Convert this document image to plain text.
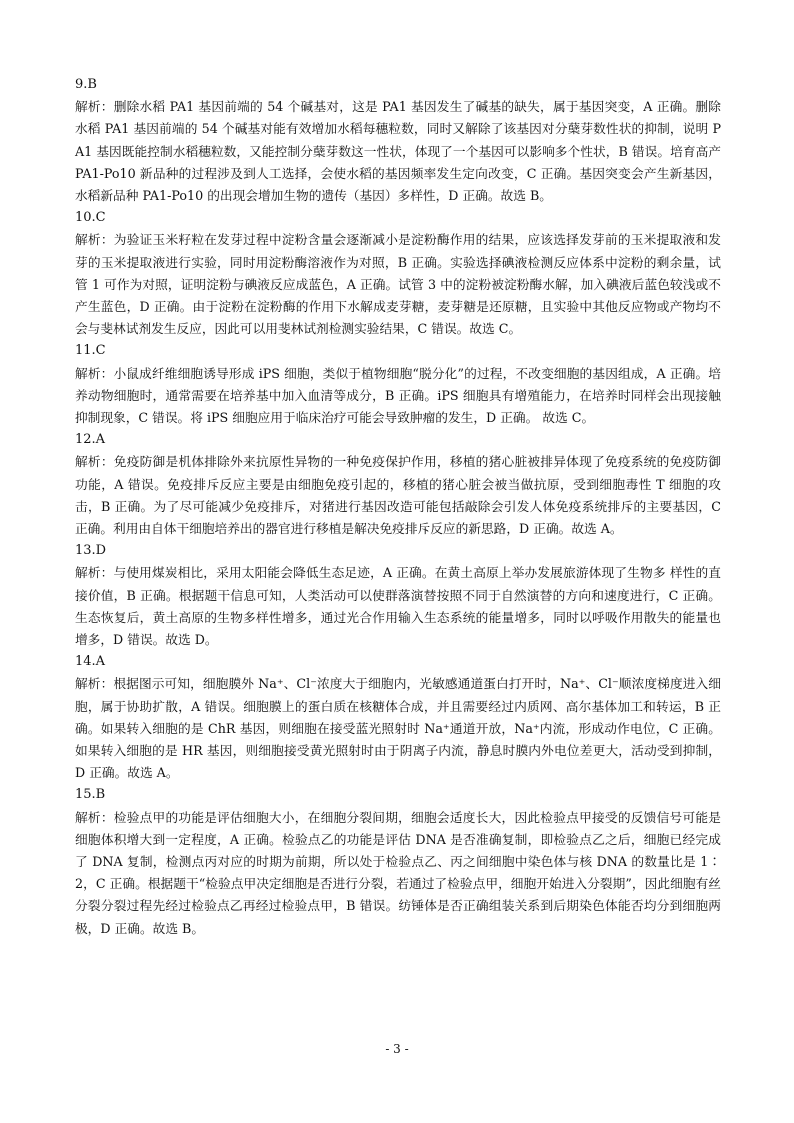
9.B

解析：删除水稻 PA1 基因前端的 54 个碱基对，这是 PA1 基因发生了碱基的缺失，属于基因突变，A 正确。删除水稻 PA1 基因前端的 54 个碱基对能有效增加水稻每穗粒数，同时又解除了该基因对分蘖芽数性状的抑制，说明 PA1 基因既能控制水稻穗粒数，又能控制分蘖芽数这一性状，体现了一个基因可以影响多个性状，B 错误。培育高产 PA1-Po10 新品种的过程涉及到人工选择，会使水稻的基因频率发生定向改变，C 正确。基因突变会产生新基因，水稻新品种 PA1-Po10 的出现会增加生物的遗传（基因）多样性，D 正确。故选 B。

10.C

解析：为验证玉米籽粒在发芽过程中淀粉含量会逐渐减小是淀粉酶作用的结果，应该选择发芽前的玉米提取液和发芽的玉米提取液进行实验，同时用淀粉酶溶液作为对照，B 正确。实验选择碘液检测反应体系中淀粉的剩余量，试管 1 可作为对照，证明淀粉与碘液反应成蓝色，A 正确。试管 3 中的淀粉被淀粉酶水解，加入碘液后蓝色较浅或不产生蓝色，D 正确。由于淀粉在淀粉酶的作用下水解成麦芽糖，麦芽糖是还原糖，且实验中其他反应物或产物均不会与斐林试剂发生反应，因此可以用斐林试剂检测实验结果，C 错误。故选 C。

11.C

解析：小鼠成纤维细胞诱导形成 iPS 细胞，类似于植物细胞“脱分化”的过程，不改变细胞的基因组成，A 正确。培养动物细胞时，通常需要在培养基中加入血清等成分，B 正确。iPS 细胞具有增殖能力，在培养时同样会出现接触抑制现象，C 错误。将 iPS 细胞应用于临床治疗可能会导致肿瘤的发生，D 正确。 故选 C。

12.A

解析：免疫防御是机体排除外来抗原性异物的一种免疫保护作用，移植的猪心脏被排异体现了免疫系统的免疫防御功能，A 错误。免疫排斥反应主要是由细胞免疫引起的，移植的猪心脏会被当做抗原，受到细胞毒性 T 细胞的攻击，B 正确。为了尽可能减少免疫排斥，对猪进行基因改造可能包括敲除会引发人体免疫系统排斥的主要基因，C 正确。利用由自体干细胞培养出的器官进行移植是解决免疫排斥反应的新思路，D 正确。故选 A。

13.D

解析：与使用煤炭相比，采用太阳能会降低生态足迹，A 正确。在黄土高原上举办发展旅游体现了生物多 样性的直接价值，B 正确。根据题干信息可知，人类活动可以使群落演替按照不同于自然演替的方向和速度进行，C 正确。生态恢复后，黄土高原的生物多样性增多，通过光合作用输入生态系统的能量增多，同时以呼吸作用散失的能量也增多，D 错误。故选 D。

14.A

解析：根据图示可知，细胞膜外 Na⁺、Cl⁻浓度大于细胞内，光敏感通道蛋白打开时，Na⁺、Cl⁻顺浓度梯度进入细胞，属于协助扩散，A 错误。细胞膜上的蛋白质在核糖体合成，并且需要经过内质网、高尔基体加工和转运，B 正确。如果转入细胞的是 ChR 基因，则细胞在接受蓝光照射时 Na⁺通道开放，Na⁺内流，形成动作电位，C 正确。如果转入细胞的是 HR 基因，则细胞接受黄光照射时由于阴离子内流，静息时膜内外电位差更大，活动受到抑制，D 正确。故选 A。

15.B

解析：检验点甲的功能是评估细胞大小，在细胞分裂间期，细胞会适度长大，因此检验点甲接受的反馈信号可能是细胞体积增大到一定程度，A 正确。检验点乙的功能是评估 DNA 是否准确复制，即检验点乙之后，细胞已经完成了 DNA 复制，检测点丙对应的时期为前期，所以处于检验点乙、丙之间细胞中染色体与核 DNA 的数量比是 1∶2，C 正确。根据题干“检验点甲决定细胞是否进行分裂，若通过了检验点甲，细胞开始进入分裂期”，因此细胞有丝分裂分裂过程先经过检验点乙再经过检验点甲，B 错误。纺锤体是否正确组装关系到后期染色体能否均分到细胞两极，D 正确。故选 B。

- 3 -
